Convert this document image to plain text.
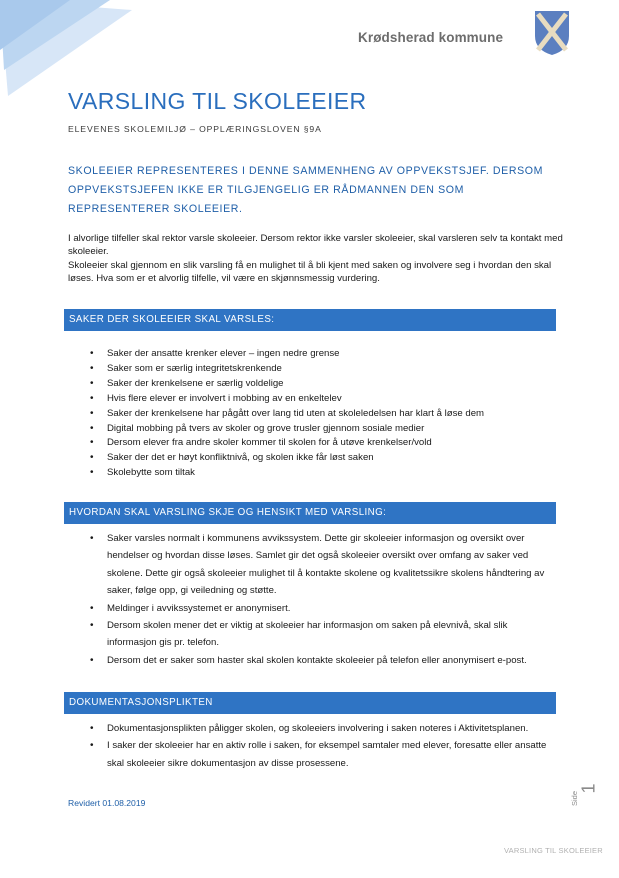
Krødsherad kommune
VARSLING TIL SKOLEEIER
ELEVENES SKOLEMILJØ – OPPLÆRINGSLOVEN §9A
SKOLEEIER REPRESENTERES I DENNE SAMMENHENG AV OPPVEKSTSJEF. DERSOM OPPVEKSTSJEFEN IKKE ER TILGJENGELIG ER RÅDMANNEN DEN SOM REPRESENTERER SKOLEEIER.

I alvorlige tilfeller skal rektor varsle skoleeier. Dersom rektor ikke varsler skoleeier, skal varsleren selv ta kontakt med skoleeier.

Skoleeier skal gjennom en slik varsling få en mulighet til å bli kjent med saken og involvere seg i hvordan den skal løses. Hva som er et alvorlig tilfelle, vil være en skjønnsmessig vurdering.

SAKER DER SKOLEEIER SKAL VARSLES:
• Saker der ansatte krenker elever – ingen nedre grense
• Saker som er særlig integritetskrenkende
• Saker der krenkelsene er særlig voldelige
• Hvis flere elever er involvert i mobbing av en enkeltelev
• Saker der krenkelsene har pågått over lang tid uten at skoleledelsen har klart å løse dem
• Digital mobbing på tvers av skoler og grove trusler gjennom sosiale medier
• Dersom elever fra andre skoler kommer til skolen for å utøve krenkelser/vold
• Saker der det er høyt konfliktnivå, og skolen ikke får løst saken
• Skolebytte som tiltak
HVORDAN SKAL VARSLING SKJE OG HENSIKT MED VARSLING:
• Saker varsles normalt i kommunens avvikssystem. Dette gir skoleeier informasjon og oversikt over hendelser og hvordan disse løses. Samlet gir det også skoleeier oversikt over omfang av saker ved skolene. Dette gir også skoleeier mulighet til å kontakte skolene og kvalitetssikre skolens håndtering av saker, følge opp, gi veiledning og støtte.
• Meldinger i avvikssystemet er anonymisert.
• Dersom skolen mener det er viktig at skoleeier har informasjon om saken på elevnivå, skal slik informasjon gis pr. telefon.
• Dersom det er saker som haster skal skolen kontakte skoleeier på telefon eller anonymisert e-post.
DOKUMENTASJONSPLIKTEN
• Dokumentasjonsplikten påligger skolen, og skoleeiers involvering i saken noteres i Aktivitetsplanen.
• I saker der skoleeier har en aktiv rolle i saken, for eksempel samtaler med elever, foresatte eller ansatte skal skoleeier sikre dokumentasjon av disse prosessene.
Revidert 01.08.2019	Side
1
VARSLING TIL SKOLEEIER
